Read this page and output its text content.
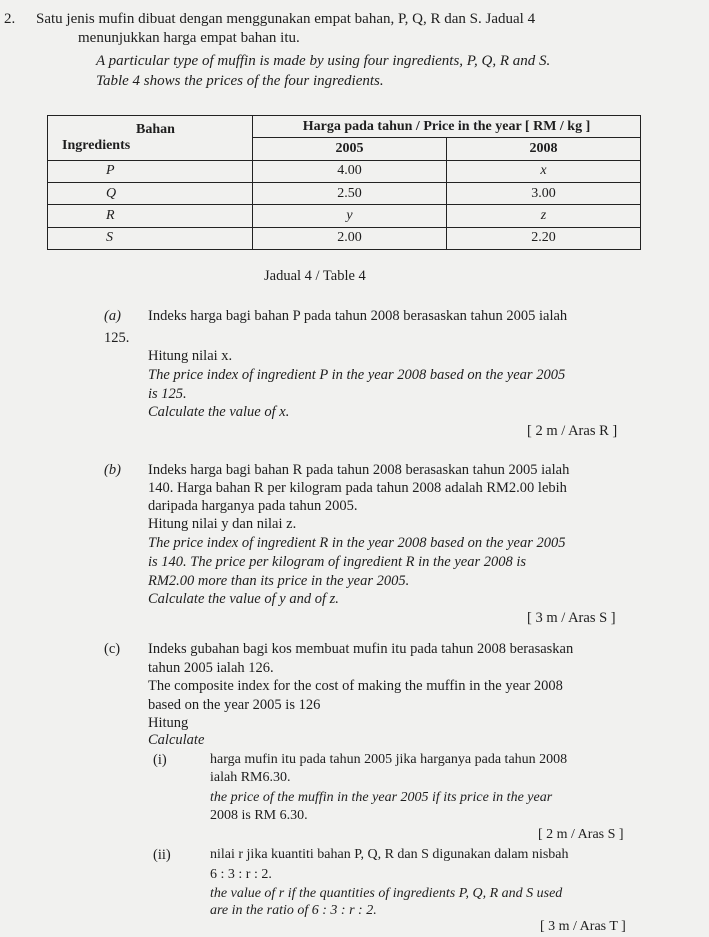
2. Satu jenis mufin dibuat dengan menggunakan empat bahan, P, Q, R dan S. Jadual 4
menunjukkan harga empat bahan itu.
A particular type of muffin is made by using four ingredients, P, Q, R and S.
Table 4 shows the prices of the four ingredients.
Bahan
Ingredients	Harga pada tahun / Price in the year [ RM / kg ]	
	2005	2008
P	4.00	x
Q	2.50	3.00
R	y	z
S	2.00	2.20
Jadual 4 / Table 4
(a) Indeks harga bagi bahan P pada tahun 2008 berasaskan tahun 2005 ialah
125.
Hitung nilai x.
The price index of ingredient P in the year 2008 based on the year 2005
is 125.
Calculate the value of x.
[ 2 m / Aras R ]
(b) Indeks harga bagi bahan R pada tahun 2008 berasaskan tahun 2005 ialah
140. Harga bahan R per kilogram pada tahun 2008 adalah RM2.00 lebih
daripada harganya pada tahun 2005.
Hitung nilai y dan nilai z.
The price index of ingredient R in the year 2008 based on the year 2005
is 140. The price per kilogram of ingredient R in the year 2008 is
RM2.00 more than its price in the year 2005.
Calculate the value of y and of z.
[ 3 m / Aras S ]
(c) Indeks gubahan bagi kos membuat mufin itu pada tahun 2008 berasaskan
tahun 2005 ialah 126.
The composite index for the cost of making the muffin in the year 2008
based on the year 2005 is 126
Hitung
Calculate
(i)	harga mufin itu pada tahun 2005 jika harganya pada tahun 2008
ialah RM6.30.
the price of the muffin in the year 2005 if its price in the year
2008 is RM 6.30.
[ 2 m / Aras S ]
(ii)	nilai r jika kuantiti bahan P, Q, R dan S digunakan dalam nisbah
6 : 3 : r : 2.
the value of r if the quantities of ingredients P, Q, R and S used
are in the ratio of 6 : 3 : r : 2.
[ 3 m / Aras T ]
